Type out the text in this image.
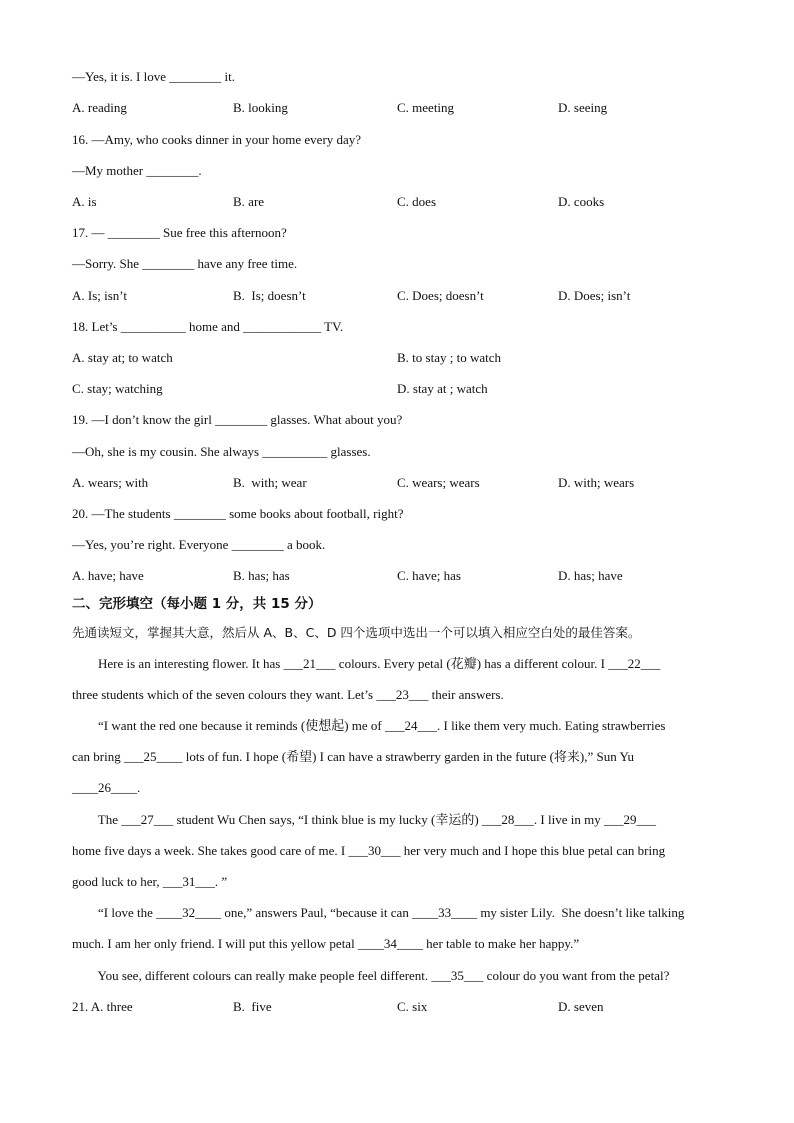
—Yes, it is. I love ________ it.
A. reading	B. looking	C. meeting	D. seeing
16. —Amy, who cooks dinner in your home every day?
—My mother ________.
A. is	B. are	C. does	D. cooks
17. — ________ Sue free this afternoon?
—Sorry. She ________ have any free time.
A. Is; isn’t	B.  Is; doesn’t	C. Does; doesn’t	D. Does; isn’t
18. Let’s __________ home and ____________ TV.
A. stay at; to watch	B. to stay ; to watch
C. stay; watching	D. stay at ; watch
19. —I don’t know the girl ________ glasses. What about you?
—Oh, she is my cousin. She always __________ glasses.
A. wears; with	B.  with; wear	C. wears; wears	D. with; wears
20. —The students ________ some books about football, right?
—Yes, you’re right. Everyone ________ a book.
A. have; have	B. has; has	C. have; has	D. has; have
二、完形填空（每小题 1 分，共 15 分）
先通读短文，掌握其大意，然后从 A、B、C、D 四个选项中选出一个可以填入相应空白处的最佳答案。
Here is an interesting flower. It has ___21___ colours. Every petal (花瓣) has a different colour. I ___22___
three students which of the seven colours they want. Let’s ___23___ their answers.
“I want the red one because it reminds (使想起) me of ___24___. I like them very much. Eating strawberries
can bring ___25____ lots of fun. I hope (希望) I can have a strawberry garden in the future (将来),” Sun Yu
____26____.
The ___27___ student Wu Chen says, “I think blue is my lucky (幸运的) ___28___. I live in my ___29___
home five days a week. She takes good care of me. I ___30___ her very much and I hope this blue petal can bring
good luck to her, ___31___. ”
“I love the ____32____ one,” answers Paul, “because it can ____33____ my sister Lily.  She doesn’t like talking
much. I am her only friend. I will put this yellow petal ____34____ her table to make her happy.”
You see, different colours can really make people feel different. ___35___ colour do you want from the petal?
21. A. three	B.  five	C. six	D. seven
